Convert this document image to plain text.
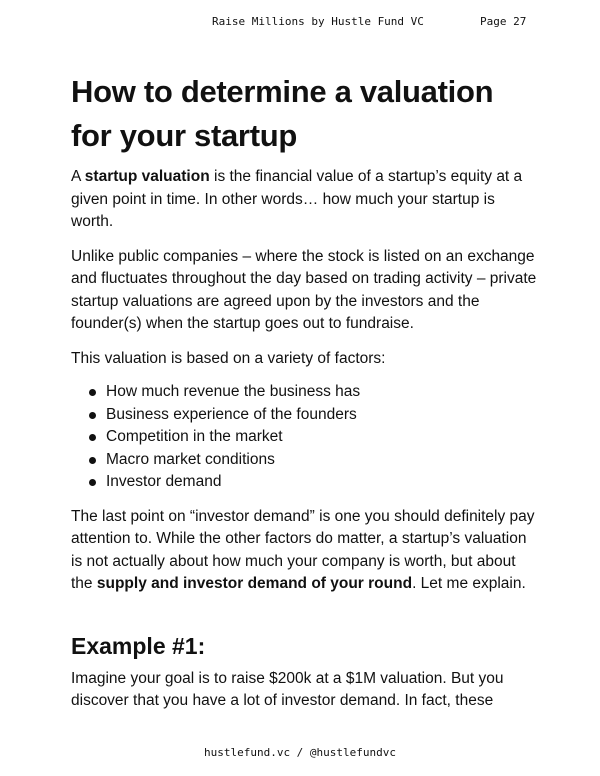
Raise Millions by Hustle Fund VC	Page 27
How to determine a valuation for your startup

A startup valuation is the financial value of a startup’s equity at a given point in time. In other words… how much your startup is worth.

Unlike public companies – where the stock is listed on an exchange and fluctuates throughout the day based on trading activity – private startup valuations are agreed upon by the investors and the founder(s) when the startup goes out to fundraise.

This valuation is based on a variety of factors:

How much revenue the business has
Business experience of the founders
Competition in the market
Macro market conditions
Investor demand

The last point on “investor demand” is one you should definitely pay attention to. While the other factors do matter, a startup’s valuation is not actually about how much your company is worth, but about the supply and investor demand of your round. Let me explain.

Example #1:

Imagine your goal is to raise $200k at a $1M valuation. But you discover that you have a lot of investor demand. In fact, these

hustlefund.vc / @hustlefundvc
